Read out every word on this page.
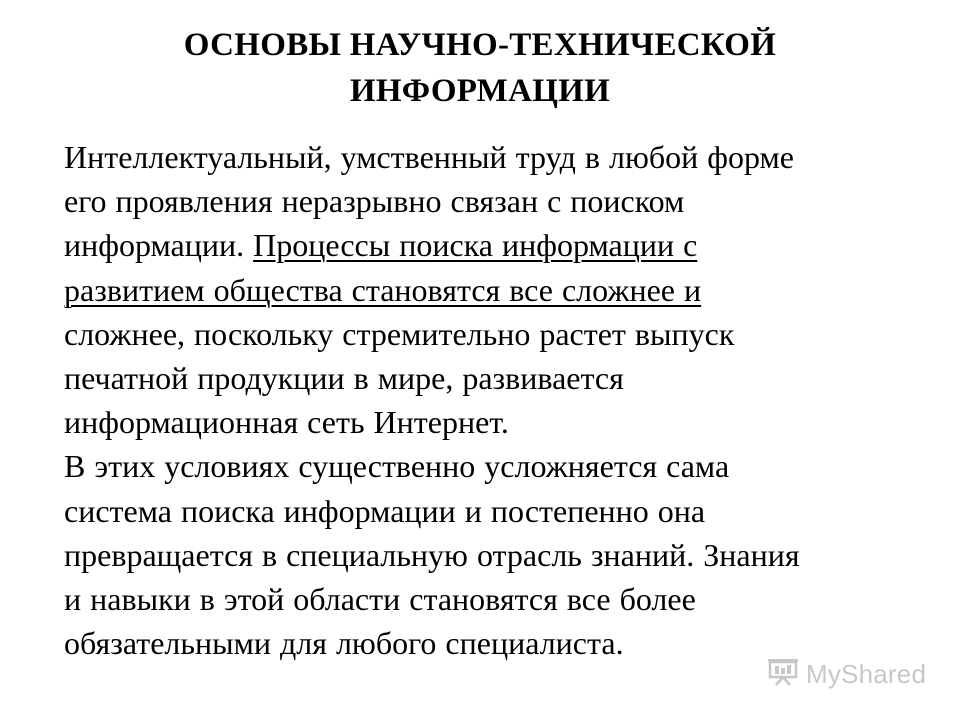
ОСНОВЫ НАУЧНО-ТЕХНИЧЕСКОЙ
ИНФОРМАЦИИ

Интеллектуальный, умственный труд в любой форме
его проявления неразрывно связан с поиском
информации. Процессы поиска информации с
развитием общества становятся все сложнее и
сложнее, поскольку стремительно растет выпуск
печатной продукции в мире, развивается
информационная сеть Интернет.

В этих условиях существенно усложняется сама
система поиска информации и постепенно она
превращается в специальную отрасль знаний. Знания
и навыки в этой области становятся все более
обязательными для любого специалиста.

MyShared
